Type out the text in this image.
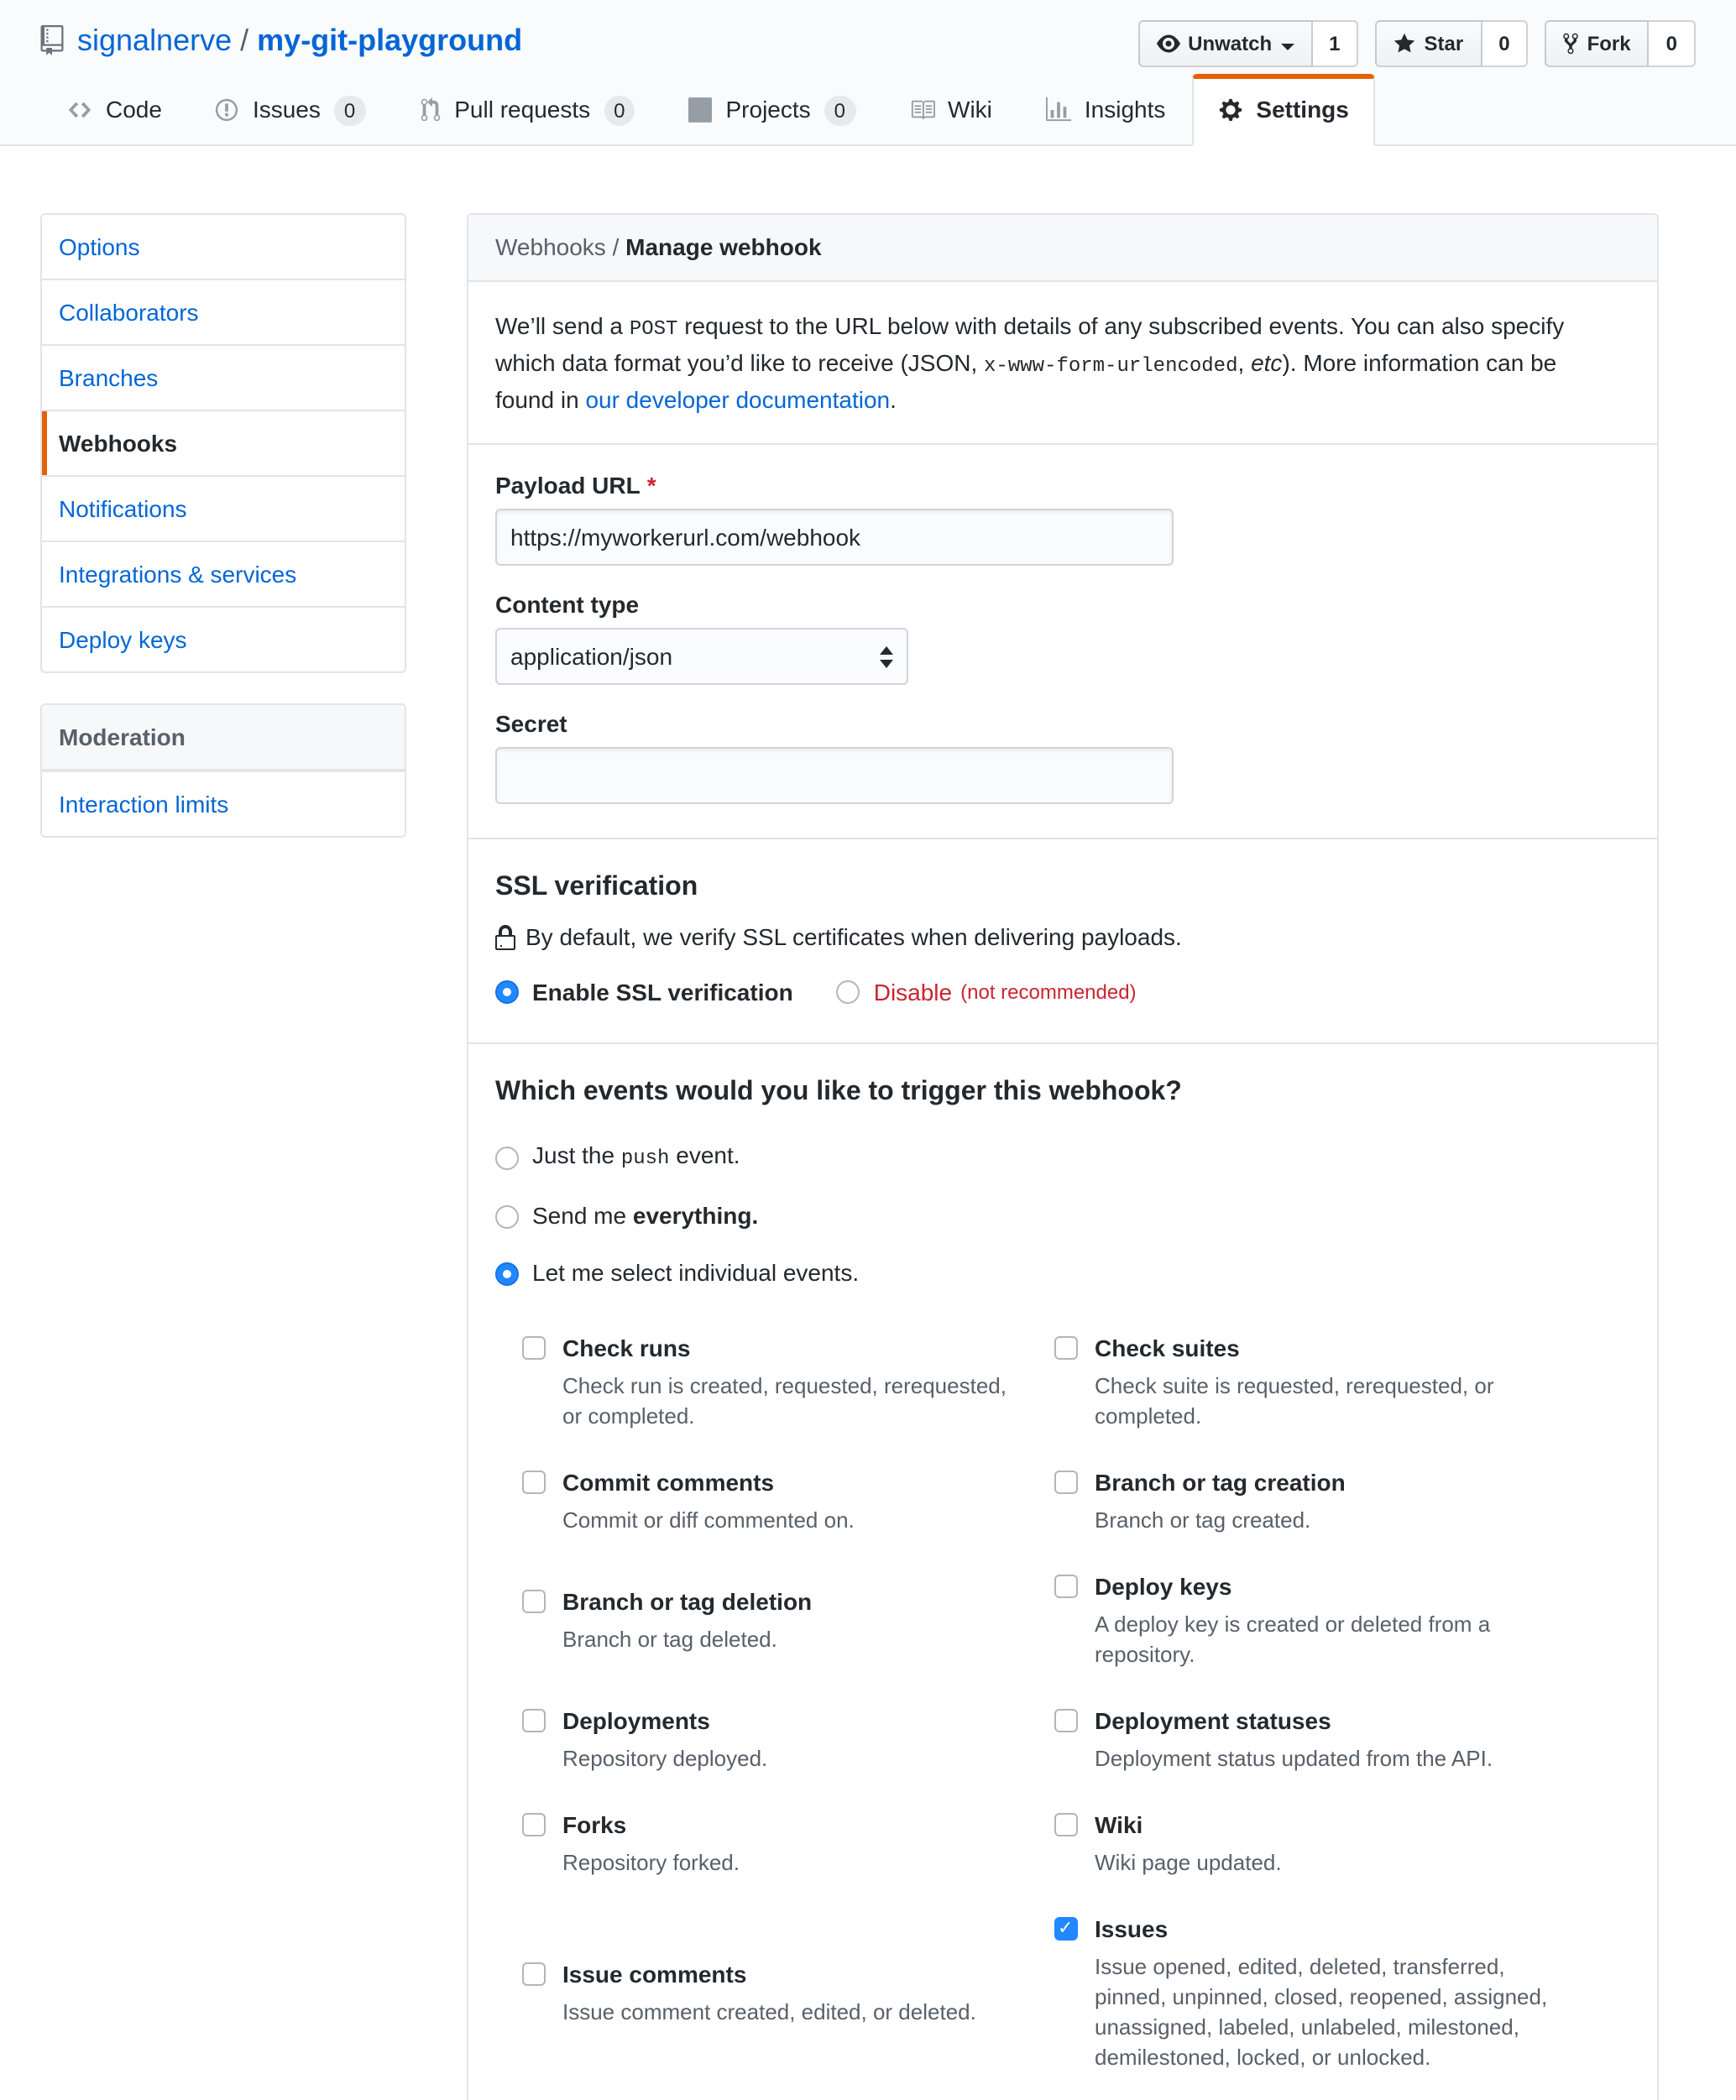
signalnerve / my-git-playground	Unwatch	1	Star	0	Fork	0
Code	Issues	0	Pull requests	0	Projects	0	Wiki	Insights	Settings
Options
Collaborators
Branches
Webhooks
Notifications
Integrations & services
Deploy keys
Moderation
Interaction limits
Webhooks / Manage webhook

We’ll send a POST request to the URL below with details of any subscribed events. You can also specify which data format you’d like to receive (JSON, x-www-form-urlencoded, etc). More information can be found in our developer documentation.

Payload URL *
https://myworkerurl.com/webhook
Content type
application/json
Secret
SSL verification
By default, we verify SSL certificates when delivering payloads.
Enable SSL verification	Disable (not recommended)
Which events would you like to trigger this webhook?
Just the push event.
Send me everything.
Let me select individual events.
Check runs
Check run is created, requested, rerequested, or completed.
Check suites
Check suite is requested, rerequested, or completed.
Commit comments
Commit or diff commented on.
Branch or tag creation
Branch or tag created.
Branch or tag deletion
Branch or tag deleted.
Deploy keys
A deploy key is created or deleted from a repository.
Deployments
Repository deployed.
Deployment statuses
Deployment status updated from the API.
Forks
Repository forked.
Wiki
Wiki page updated.
Issue comments
Issue comment created, edited, or deleted.
✓
Issues
Issue opened, edited, deleted, transferred, pinned, unpinned, closed, reopened, assigned, unassigned, labeled, unlabeled, milestoned, demilestoned, locked, or unlocked.
